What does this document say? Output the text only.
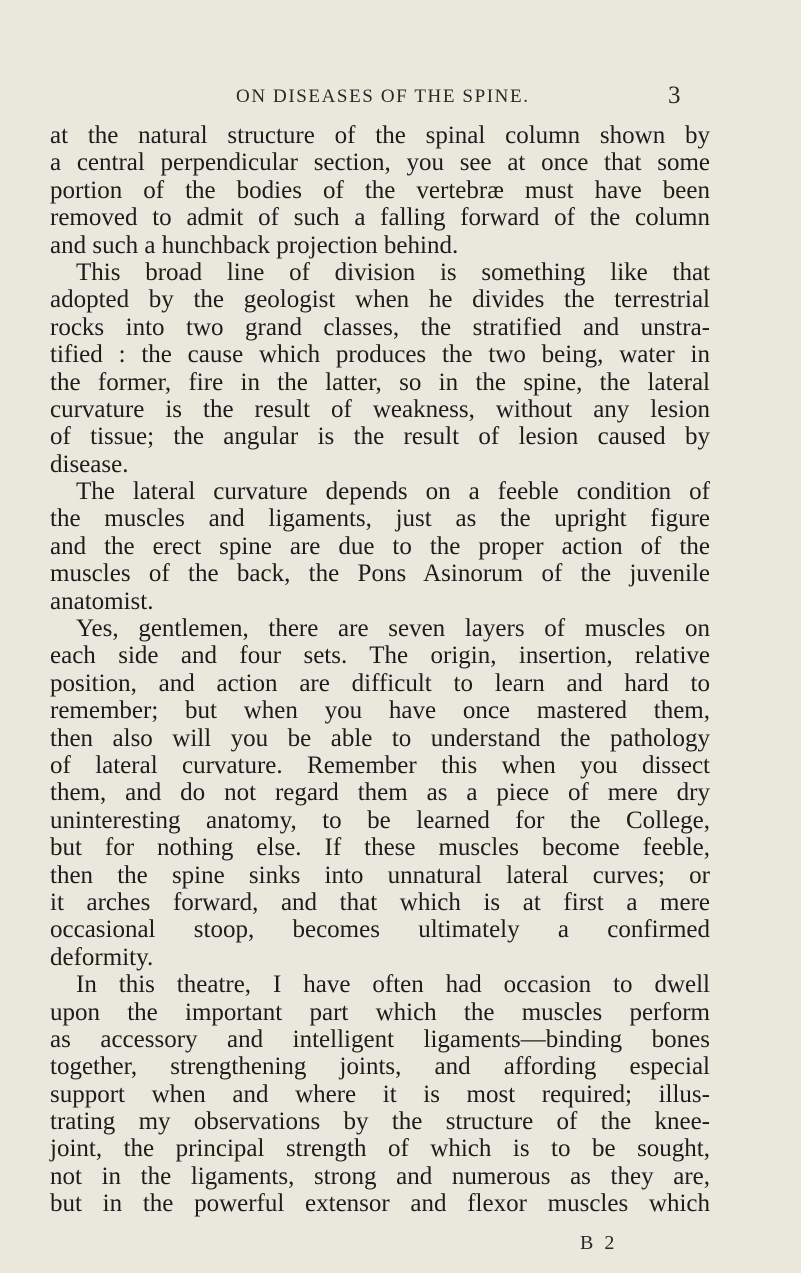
ON DISEASES OF THE SPINE.	3
at the natural structure of the spinal column shown by
a central perpendicular section, you see at once that some
portion of the bodies of the vertebræ must have been
removed to admit of such a falling forward of the column
and such a hunchback projection behind.
This broad line of division is something like that
adopted by the geologist when he divides the terrestrial
rocks into two grand classes, the stratified and unstra-
tified : the cause which produces the two being, water in
the former, fire in the latter, so in the spine, the lateral
curvature is the result of weakness, without any lesion
of tissue; the angular is the result of lesion caused by
disease.
The lateral curvature depends on a feeble condition of
the muscles and ligaments, just as the upright figure
and the erect spine are due to the proper action of the
muscles of the back, the Pons Asinorum of the juvenile
anatomist.
Yes, gentlemen, there are seven layers of muscles on
each side and four sets. The origin, insertion, relative
position, and action are difficult to learn and hard to
remember; but when you have once mastered them,
then also will you be able to understand the pathology
of lateral curvature. Remember this when you dissect
them, and do not regard them as a piece of mere dry
uninteresting anatomy, to be learned for the College,
but for nothing else. If these muscles become feeble,
then the spine sinks into unnatural lateral curves; or
it arches forward, and that which is at first a mere
occasional stoop, becomes ultimately a confirmed
deformity.
In this theatre, I have often had occasion to dwell
upon the important part which the muscles perform
as accessory and intelligent ligaments—binding bones
together, strengthening joints, and affording especial
support when and where it is most required; illus-
trating my observations by the structure of the knee-
joint, the principal strength of which is to be sought,
not in the ligaments, strong and numerous as they are,
but in the powerful extensor and flexor muscles which
B 2
